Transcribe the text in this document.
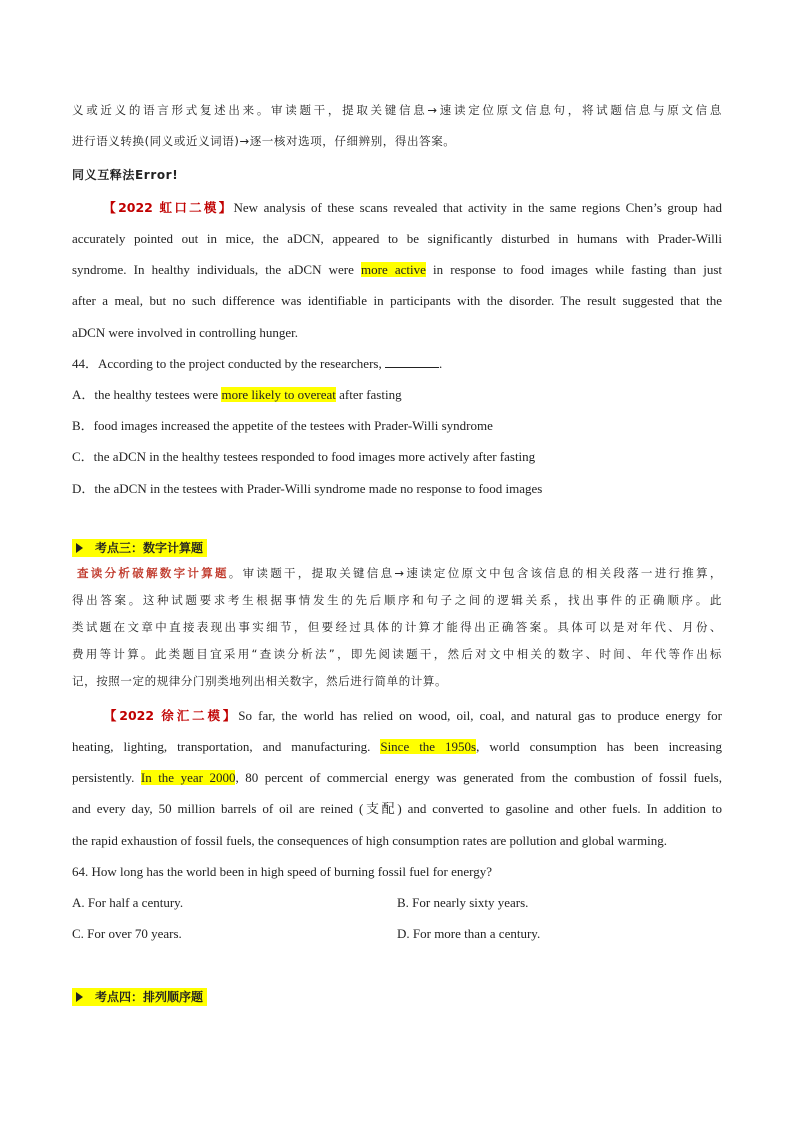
义或近义的语言形式复述出来。审读题干，提取关键信息→速读定位原文信息句，将试题信息与原文信息
进行语义转换(同义或近义词语)→逐一核对选项，仔细辨别，得出答案。
同义互释法Error!
【2022 虹口二模】New analysis of these scans revealed that activity in the same regions Chen’s group had
accurately pointed out in mice, the aDCN, appeared to be significantly disturbed in humans with Prader-Willi
syndrome. In healthy individuals, the aDCN were more active in response to food images while fasting than just
after a meal, but no such difference was identifiable in participants with the disorder. The result suggested that the
aDCN were involved in controlling hunger.
44．According to the project conducted by the researchers,	.
A．the healthy testees were more likely to overeat after fasting
B．food images increased the appetite of the testees with Prader-Willi syndrome
C．the aDCN in the healthy testees responded to food images more actively after fasting
D．the aDCN in the testees with Prader-Willi syndrome made no response to food images
考点三：数字计算题
查读分析破解数字计算题。审读题干，提取关键信息→速读定位原文中包含该信息的相关段落一进行推算，
得出答案。这种试题要求考生根据事情发生的先后顺序和句子之间的逻辑关系，找出事件的正确顺序。此
类试题在文章中直接表现出事实细节，但要经过具体的计算才能得出正确答案。具体可以是对年代、月份、
费用等计算。此类题目宜采用“查读分析法”，即先阅读题干，然后对文中相关的数字、时间、年代等作出标
记，按照一定的规律分门别类地列出相关数字，然后进行简单的计算。
【2022 徐汇二模】So far, the world has relied on wood, oil, coal, and natural gas to produce energy for
heating, lighting, transportation, and manufacturing. Since the 1950s, world consumption has been increasing
persistently. In the year 2000, 80 percent of commercial energy was generated from the combustion of fossil fuels,
and every day, 50 million barrels of oil are reined (支配) and converted to gasoline and other fuels. In addition to
the rapid exhaustion of fossil fuels, the consequences of high consumption rates are pollution and global warming.
64. How long has the world been in high speed of burning fossil fuel for energy?
A. For half a century.	B. For nearly sixty years.
C. For over 70 years.	D. For more than a century.
考点四：排列顺序题
